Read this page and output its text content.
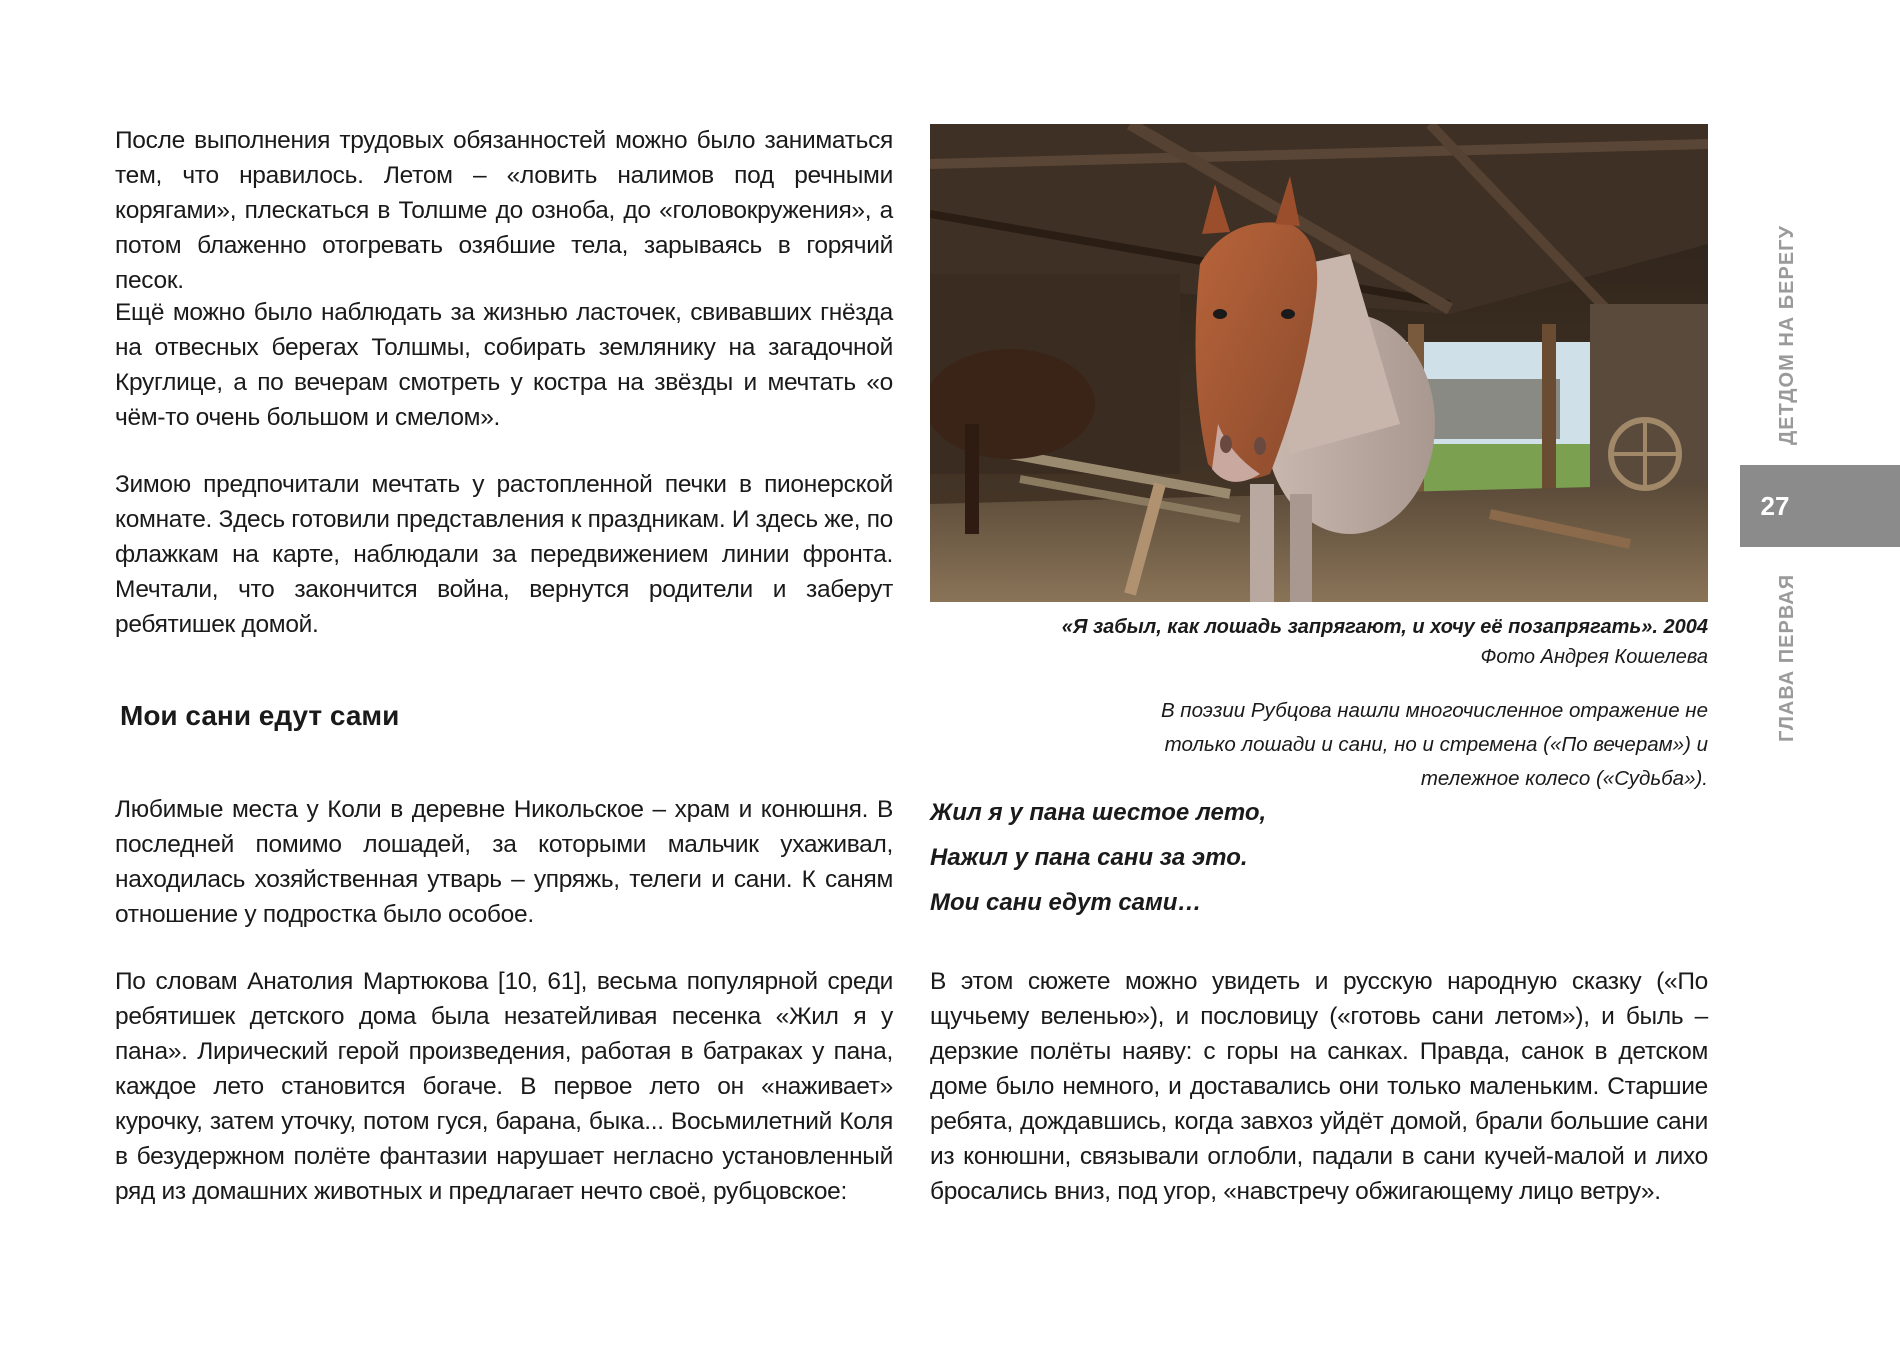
После выполнения трудовых обязанностей можно было заниматься тем, что нравилось. Летом – «ловить налимов под речными корягами», плескаться в Толшме до озноба, до «головокружения», а потом блаженно отогревать озябшие тела, зарываясь в горячий песок.

Ещё можно было наблюдать за жизнью ласточек, свивавших гнёзда на отвесных берегах Толшмы, собирать землянику на загадочной Круглице, а по вечерам смотреть у костра на звёзды и мечтать «о чём-то очень большом и смелом».

Зимою предпочитали мечтать у растопленной печки в пионерской комнате. Здесь готовили представления к праздникам. И здесь же, по флажкам на карте, наблюдали за передвижением линии фронта. Мечтали, что закончится война, вернутся родители и заберут ребятишек домой.

Мои сани едут сами

Любимые места у Коли в деревне Никольское – храм и конюшня. В последней помимо лошадей, за которыми мальчик ухаживал, находилась хозяйственная утварь – упряжь, телеги и сани. К саням отношение у подростка было особое.

По словам Анатолия Мартюкова [10, 61], весьма популярной среди ребятишек детского дома была незатейливая песенка «Жил я у пана». Лирический герой произведения, работая в батраках у пана, каждое лето становится богаче. В первое лето он «наживает» курочку, затем уточку, потом гуся, барана, быка... Восьмилетний Коля в безудержном полёте фантазии нарушает негласно установленный ряд из домашних животных и предлагает нечто своё, рубцовское:

«Я забыл, как лошадь запрягают, и хочу её позапрягать». 2004

Фото Андрея Кошелева

В поэзии Рубцова нашли многочисленное отражение не только лошади и сани, но и стремена («По вечерам») и тележное колесо («Судьба»).

Жил я у пана шестое лето,

Нажил у пана сани за это.

Мои сани едут сами…

В этом сюжете можно увидеть и русскую народную сказку («По щучьему веленью»), и пословицу («готовь сани летом»), и быль – дерзкие полёты наяву: с горы на санках. Правда, санок в детском доме было немного, и доставались они только маленьким. Старшие ребята, дождавшись, когда завхоз уйдёт домой, брали большие сани из конюшни, связывали оглобли, падали в сани кучей-малой и лихо бросались вниз, под угор, «навстречу обжигающему лицо ветру».

27
ДЕТДОМ НА БЕРЕГУ
ГЛАВА ПЕРВАЯ
